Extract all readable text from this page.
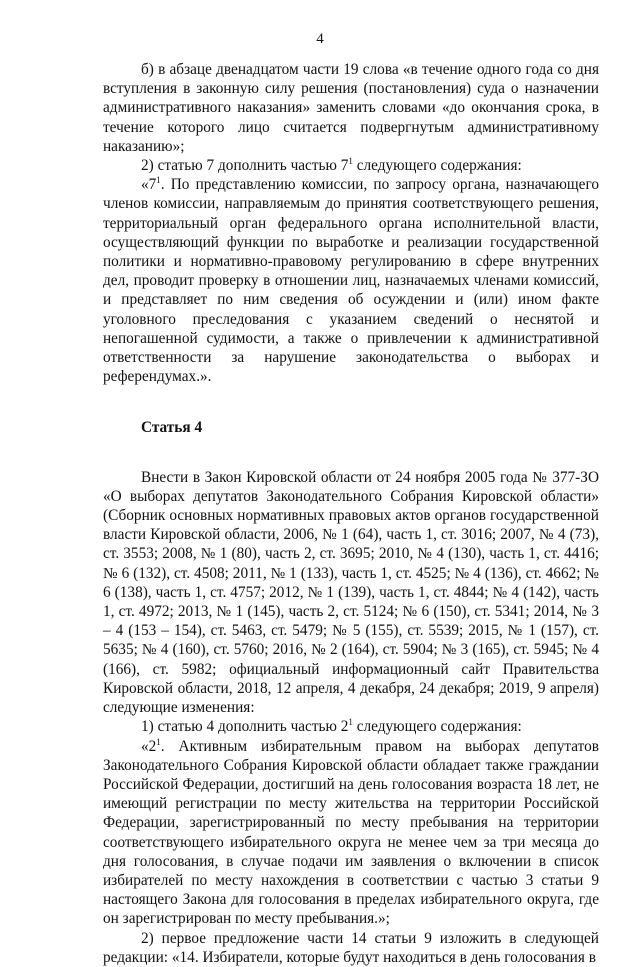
4

б) в абзаце двенадцатом части 19 слова «в течение одного года со дня вступления в законную силу решения (постановления) суда о назначении административного наказания» заменить словами «до окончания срока, в течение которого лицо считается подвергнутым административному наказанию»;

2) статью 7 дополнить частью $7^1$ следующего содержания:

«$7^1$. По представлению комиссии, по запросу органа, назначающего членов комиссии, направляемым до принятия соответствующего решения, территориальный орган федерального органа исполнительной власти, осуществляющий функции по выработке и реализации государственной политики и нормативно-правовому регулированию в сфере внутренних дел, проводит проверку в отношении лиц, назначаемых членами комиссий, и представляет по ним сведения об осуждении и (или) ином факте уголовного преследования с указанием сведений о неснятой и непогашенной судимости, а также о привлечении к административной ответственности за нарушение законодательства о выборах и референдумах.».

Статья 4

Внести в Закон Кировской области от 24 ноября 2005 года № 377-ЗО «О выборах депутатов Законодательного Собрания Кировской области» (Сборник основных нормативных правовых актов органов государственной власти Кировской области, 2006, № 1 (64), часть 1, ст. 3016; 2007, № 4 (73), ст. 3553; 2008, № 1 (80), часть 2, ст. 3695; 2010, № 4 (130), часть 1, ст. 4416; № 6 (132), ст. 4508; 2011, № 1 (133), часть 1, ст. 4525; № 4 (136), ст. 4662; № 6 (138), часть 1, ст. 4757; 2012, № 1 (139), часть 1, ст. 4844; № 4 (142), часть 1, ст. 4972; 2013, № 1 (145), часть 2, ст. 5124; № 6 (150), ст. 5341; 2014, № 3 – 4 (153 – 154), ст. 5463, ст. 5479; № 5 (155), ст. 5539; 2015, № 1 (157), ст. 5635; № 4 (160), ст. 5760; 2016, № 2 (164), ст. 5904; № 3 (165), ст. 5945; № 4 (166), ст. 5982; официальный информационный сайт Правительства Кировской области, 2018, 12 апреля, 4 декабря, 24 декабря; 2019, 9 апреля) следующие изменения:

1) статью 4 дополнить частью $2^1$ следующего содержания:

«$2^1$. Активным избирательным правом на выборах депутатов Законодательного Собрания Кировской области обладает также граждании Российской Федерации, достигший на день голосования возраста 18 лет, не имеющий регистрации по месту жительства на территории Российской Федерации, зарегистрированный по месту пребывания на территории соответствующего избирательного округа не менее чем за три месяца до дня голосования, в случае подачи им заявления о включении в список избирателей по месту нахождения в соответствии с частью 3 статьи 9 настоящего Закона для голосования в пределах избирательного округа, где он зарегистрирован по месту пребывания.»;

2) первое предложение части 14 статьи 9 изложить в следующей редакции: «14. Избиратели, которые будут находиться в день голосования в
